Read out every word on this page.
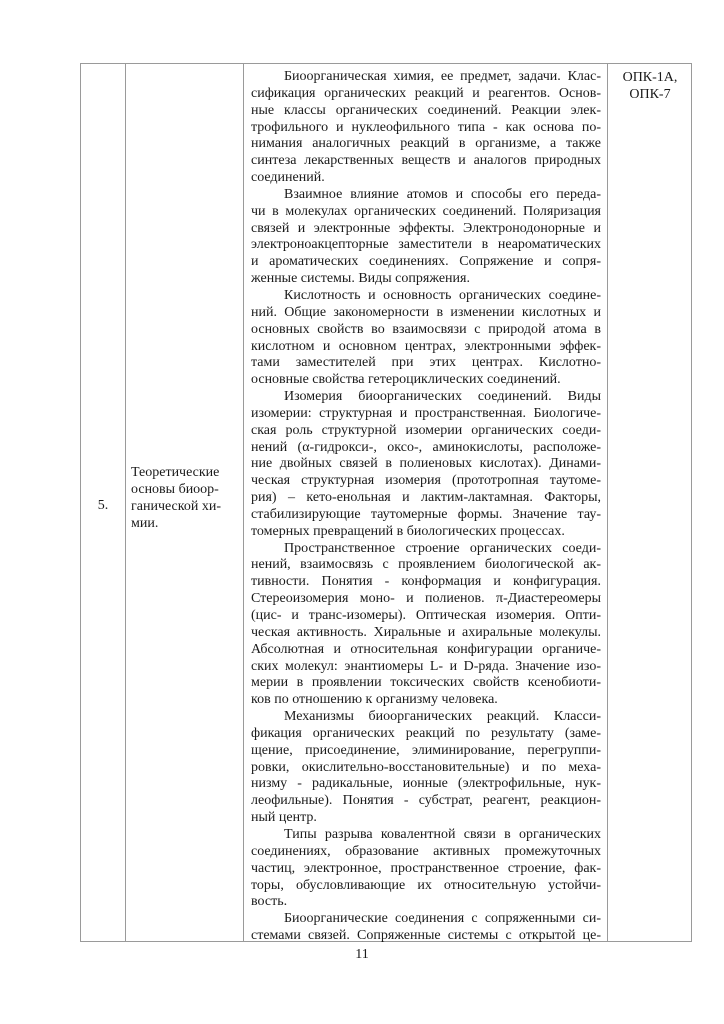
5.
Теоретические
основы биоор-
ганической хи-
мии.
Биоорганическая химия, ее предмет, задачи. Клас-
сификация органических реакций и реагентов. Основ-
ные классы органических соединений. Реакции элек-
трофильного и нуклеофильного типа - как основа по-
нимания аналогичных реакций в организме, а также
синтеза лекарственных веществ и аналогов природных
соединений.
Взаимное влияние атомов и способы его переда-
чи в молекулах органических соединений. Поляризация
связей и электронные эффекты. Электронодонорные и
электроноакцепторные заместители в неароматических
и ароматических соединениях. Сопряжение и сопря-
женные системы. Виды сопряжения.
Кислотность и основность органических соедине-
ний. Общие закономерности в изменении кислотных и
основных свойств во взаимосвязи с природой атома в
кислотном и основном центрах, электронными эффек-
тами заместителей при этих центрах. Кислотно-
основные свойства гетероциклических соединений.
Изомерия биоорганических соединений. Виды
изомерии: структурная и пространственная. Биологиче-
ская роль структурной изомерии органических соеди-
нений (α-гидрокси-, оксо-, аминокислоты, расположе-
ние двойных связей в полиеновых кислотах). Динами-
ческая структурная изомерия (прототропная таутоме-
рия) – кето-енольная и лактим-лактамная. Факторы,
стабилизирующие таутомерные формы. Значение тау-
томерных превращений в биологических процессах.
Пространственное строение органических соеди-
нений, взаимосвязь с проявлением биологической ак-
тивности. Понятия - конформация и конфигурация.
Стереоизомерия моно- и полиенов. π-Диастереомеры
(цис- и транс-изомеры). Оптическая изомерия. Опти-
ческая активность. Хиральные и ахиральные молекулы.
Абсолютная и относительная конфигурации органиче-
ских молекул: энантиомеры L- и D-ряда. Значение изо-
мерии в проявлении токсических свойств ксенобиоти-
ков по отношению к организму человека.
Механизмы биоорганических реакций. Класси-
фикация органических реакций по результату (заме-
щение, присоединение, элиминирование, перегруппи-
ровки, окислительно-восстановительные) и по меха-
низму - радикальные, ионные (электрофильные, нук-
леофильные). Понятия - субстрат, реагент, реакцион-
ный центр.
Типы разрыва ковалентной связи в органических
соединениях, образование активных промежуточных
частиц, электронное, пространственное строение, фак-
торы, обусловливающие их относительную устойчи-
вость.
Биоорганические соединения с сопряженными си-
стемами связей. Сопряженные системы с открытой це-
ОПК-1А,
ОПК-7
11
